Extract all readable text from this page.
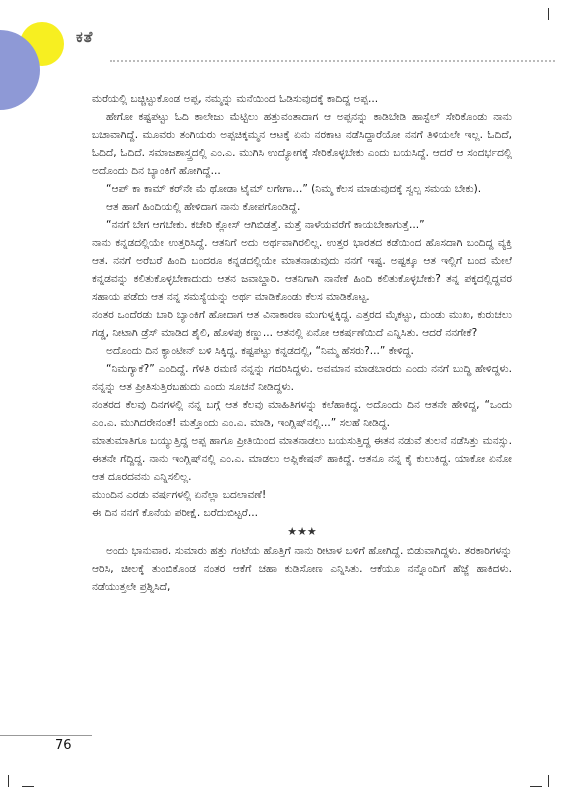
ಕತೆ

ಮರೆಯಲ್ಲಿ ಬಚ್ಚಿಟ್ಟುಕೊಂಡ ಅಪ್ಪ, ನಮ್ಮನ್ನು ಮನೆಯಿಂದ ಓಡಿಸುವುದಕ್ಕೆ ಕಾದಿದ್ದ ಅಪ್ಪ...

ಹೇಗೋ ಕಷ್ಟಪಟ್ಟು ಓದಿ ಕಾಲೇಜು ಮೆಟ್ಟಿಲು ಹತ್ತುವಂತಾದಾಗ ಆ ಅಪ್ಪನನ್ನು ಕಾಡಿಬೇಡಿ ಹಾಸ್ಟೆಲ್ ಸೇರಿಕೊಂಡು ನಾನು ಬಚಾವಾಗಿದ್ದೆ. ಮೂವರು ತಂಗಿಯರು ಅಪ್ಪಚಿಕ್ಕಮ್ಮನ ಆಟಕ್ಕೆ ಏನು ನರಕಾಟ ನಡೆಸಿದ್ದಾರೆಯೋ ನನಗೆ ತಿಳಿಯಲೇ ಇಲ್ಲ. ಓದಿದೆ, ಓದಿದೆ, ಓದಿದೆ. ಸಮಾಜಶಾಸ್ತ್ರದಲ್ಲಿ ಎಂ.ಎ. ಮುಗಿಸಿ ಉದ್ಯೋಗಕ್ಕೆ ಸೇರಿಕೊಳ್ಳಬೇಕು ಎಂದು ಬಯಸಿದ್ದೆ. ಆದರೆ ಆ ಸಂದರ್ಭದಲ್ಲಿ ಅದೊಂದು ದಿನ ಬ್ಯಾಂಕಿಗೆ ಹೋಗಿದ್ದೆ...

“ಆಪ್ ಕಾ ಕಾಮ್ ಕರ್‌ನೇ ಮೆ ಥೋಡಾ ಟೈಮ್ ಲಗೇಗಾ...” (ನಿಮ್ಮ ಕೆಲಸ ಮಾಡುವುದಕ್ಕೆ ಸ್ವಲ್ಪ ಸಮಯ ಬೇಕು).

ಆತ ಹಾಗೆ ಹಿಂದಿಯಲ್ಲಿ ಹೇಳಿದಾಗ ನಾನು ಕೋಪಗೊಂಡಿದ್ದೆ.

“ನನಗೆ ಬೇಗ ಆಗಬೇಕು. ಕಚೇರಿ ಕ್ಲೋಸ್ ಆಗಿಬಿಡತ್ತೆ. ಮತ್ತೆ ನಾಳೆಯವರೆಗೆ ಕಾಯಬೇಕಾಗುತ್ತೆ...”

ನಾನು ಕನ್ನಡದಲ್ಲಿಯೇ ಉತ್ತರಿಸಿದ್ದೆ. ಆತನಿಗೆ ಅದು ಅರ್ಥವಾಗಿರಲಿಲ್ಲ. ಉತ್ತರ ಭಾರತದ ಕಡೆಯಿಂದ ಹೊಸದಾಗಿ ಬಂದಿದ್ದ ವ್ಯಕ್ತಿ ಆತ. ನನಗೆ ಅರೆಬರೆ ಹಿಂದಿ ಬಂದರೂ ಕನ್ನಡದಲ್ಲಿಯೇ ಮಾತನಾಡುವುದು ನನಗೆ ಇಷ್ಟ. ಅಷ್ಟಕ್ಕೂ ಆತ ಇಲ್ಲಿಗೆ ಬಂದ ಮೇಲೆ ಕನ್ನಡವನ್ನು ಕಲಿತುಕೊಳ್ಳಬೇಕಾದುದು ಆತನ ಜವಾಬ್ದಾರಿ. ಆತನಿಗಾಗಿ ನಾನೇಕೆ ಹಿಂದಿ ಕಲಿತುಕೊಳ್ಳಬೇಕು? ತನ್ನ ಪಕ್ಕದಲ್ಲಿದ್ದವರ ಸಹಾಯ ಪಡೆದು ಆತ ನನ್ನ ಸಮಸ್ಯೆಯನ್ನು ಅರ್ಥ ಮಾಡಿಕೊಂಡು ಕೆಲಸ ಮಾಡಿಕೊಟ್ಟ.

ನಂತರ ಒಂದೆರಡು ಬಾರಿ ಬ್ಯಾಂಕಿಗೆ ಹೋದಾಗ ಆತ ವಿನಾಕಾರಣ ಮುಗುಳ್ನಕ್ಕಿದ್ದ. ಎತ್ತರದ ಮೈಕಟ್ಟು, ದುಂಡು ಮುಖ, ಕುರುಚಲು ಗಡ್ಡ, ನೀಟಾಗಿ ಡ್ರೆಸ್ ಮಾಡಿದ ಶೈಲಿ, ಹೊಳಪು ಕಣ್ಣು... ಆತನಲ್ಲಿ ಏನೋ ಆಕರ್ಷಣೆಯಿದೆ ಎನ್ನಿಸಿತು. ಆದರೆ ನನಗೇಕೆ?

ಅದೊಂದು ದಿನ ಕ್ಯಾಂಟೀನ್ ಬಳಿ ಸಿಕ್ಕಿದ್ದ. ಕಷ್ಟಪಟ್ಟು ಕನ್ನಡದಲ್ಲಿ, “ನಿಮ್ಮ ಹೆಸರು?...” ಕೇಳಿದ್ದ.

“ನಿಮಗ್ಯಾಕೆ?” ಎಂದಿದ್ದೆ. ಗೆಳತಿ ರಮಣಿ ನನ್ನನ್ನು ಗದರಿಸಿದ್ದಳು. ಅವಮಾನ ಮಾಡಬಾರದು ಎಂದು ನನಗೆ ಬುದ್ಧಿ ಹೇಳಿದ್ದಳು. ನನ್ನನ್ನು ಆತ ಪ್ರೀತಿಸುತ್ತಿರಬಹುದು ಎಂದು ಸೂಚನೆ ನೀಡಿದ್ದಳು.

ನಂತರದ ಕೆಲವು ದಿನಗಳಲ್ಲಿ ನನ್ನ ಬಗ್ಗೆ ಆತ ಕೆಲವು ಮಾಹಿತಿಗಳನ್ನು ಕಲೆಹಾಕಿದ್ದ. ಅದೊಂದು ದಿನ ಆತನೇ ಹೇಳಿದ್ದ, “ಒಂದು ಎಂ.ಎ. ಮುಗಿದರೇನಂತೆ! ಮತ್ತೊಂದು ಎಂ.ಎ. ಮಾಡಿ, ಇಂಗ್ಲಿಷ್‌ನಲ್ಲಿ...” ಸಲಹೆ ನೀಡಿದ್ದ.

ಮಾತುಮಾತಿಗೂ ಬಯ್ಯುತ್ತಿದ್ದ ಅಪ್ಪ ಹಾಗೂ ಪ್ರೀತಿಯಿಂದ ಮಾತನಾಡಲು ಬಯಸುತ್ತಿದ್ದ ಈತನ ನಡುವೆ ತುಲನೆ ನಡೆಸಿತ್ತು ಮನಸ್ಸು. ಈತನೇ ಗೆದ್ದಿದ್ದ. ನಾನು ಇಂಗ್ಲಿಷ್‌ನಲ್ಲಿ ಎಂ.ಎ. ಮಾಡಲು ಅಪ್ಲಿಕೇಷನ್ ಹಾಕಿದ್ದೆ. ಆತನೂ ನನ್ನ ಕೈ ಕುಲುಕಿದ್ದ. ಯಾಕೋ ಏನೋ ಆತ ದೂರದವನು ಎನ್ನಿಸಲಿಲ್ಲ.

ಮುಂದಿನ ಎರಡು ವರ್ಷಗಳಲ್ಲಿ ಏನೆಲ್ಲಾ ಬದಲಾವಣೆ!

ಈ ದಿನ ನನಗೆ ಕೊನೆಯ ಪರೀಕ್ಷೆ. ಬರೆದುಬಿಟ್ಟರೆ...

★★★

ಅಂದು ಭಾನುವಾರ. ಸುಮಾರು ಹತ್ತು ಗಂಟೆಯ ಹೊತ್ತಿಗೆ ನಾನು ರೀಟಾಳ ಬಳಿಗೆ ಹೋಗಿದ್ದೆ. ಬಿಡುವಾಗಿದ್ದಳು. ತರಕಾರಿಗಳನ್ನು ಆರಿಸಿ, ಚೀಲಕ್ಕೆ ತುಂಬಿಕೊಂಡ ನಂತರ ಆಕೆಗೆ ಚಹಾ ಕುಡಿಸೋಣ ಎನ್ನಿಸಿತು. ಆಕೆಯೂ ನನ್ನೊಂದಿಗೆ ಹೆಜ್ಜೆ ಹಾಕಿದಳು. ನಡೆಯುತ್ತಲೇ ಪ್ರಶ್ನಿಸಿದೆ,

76
